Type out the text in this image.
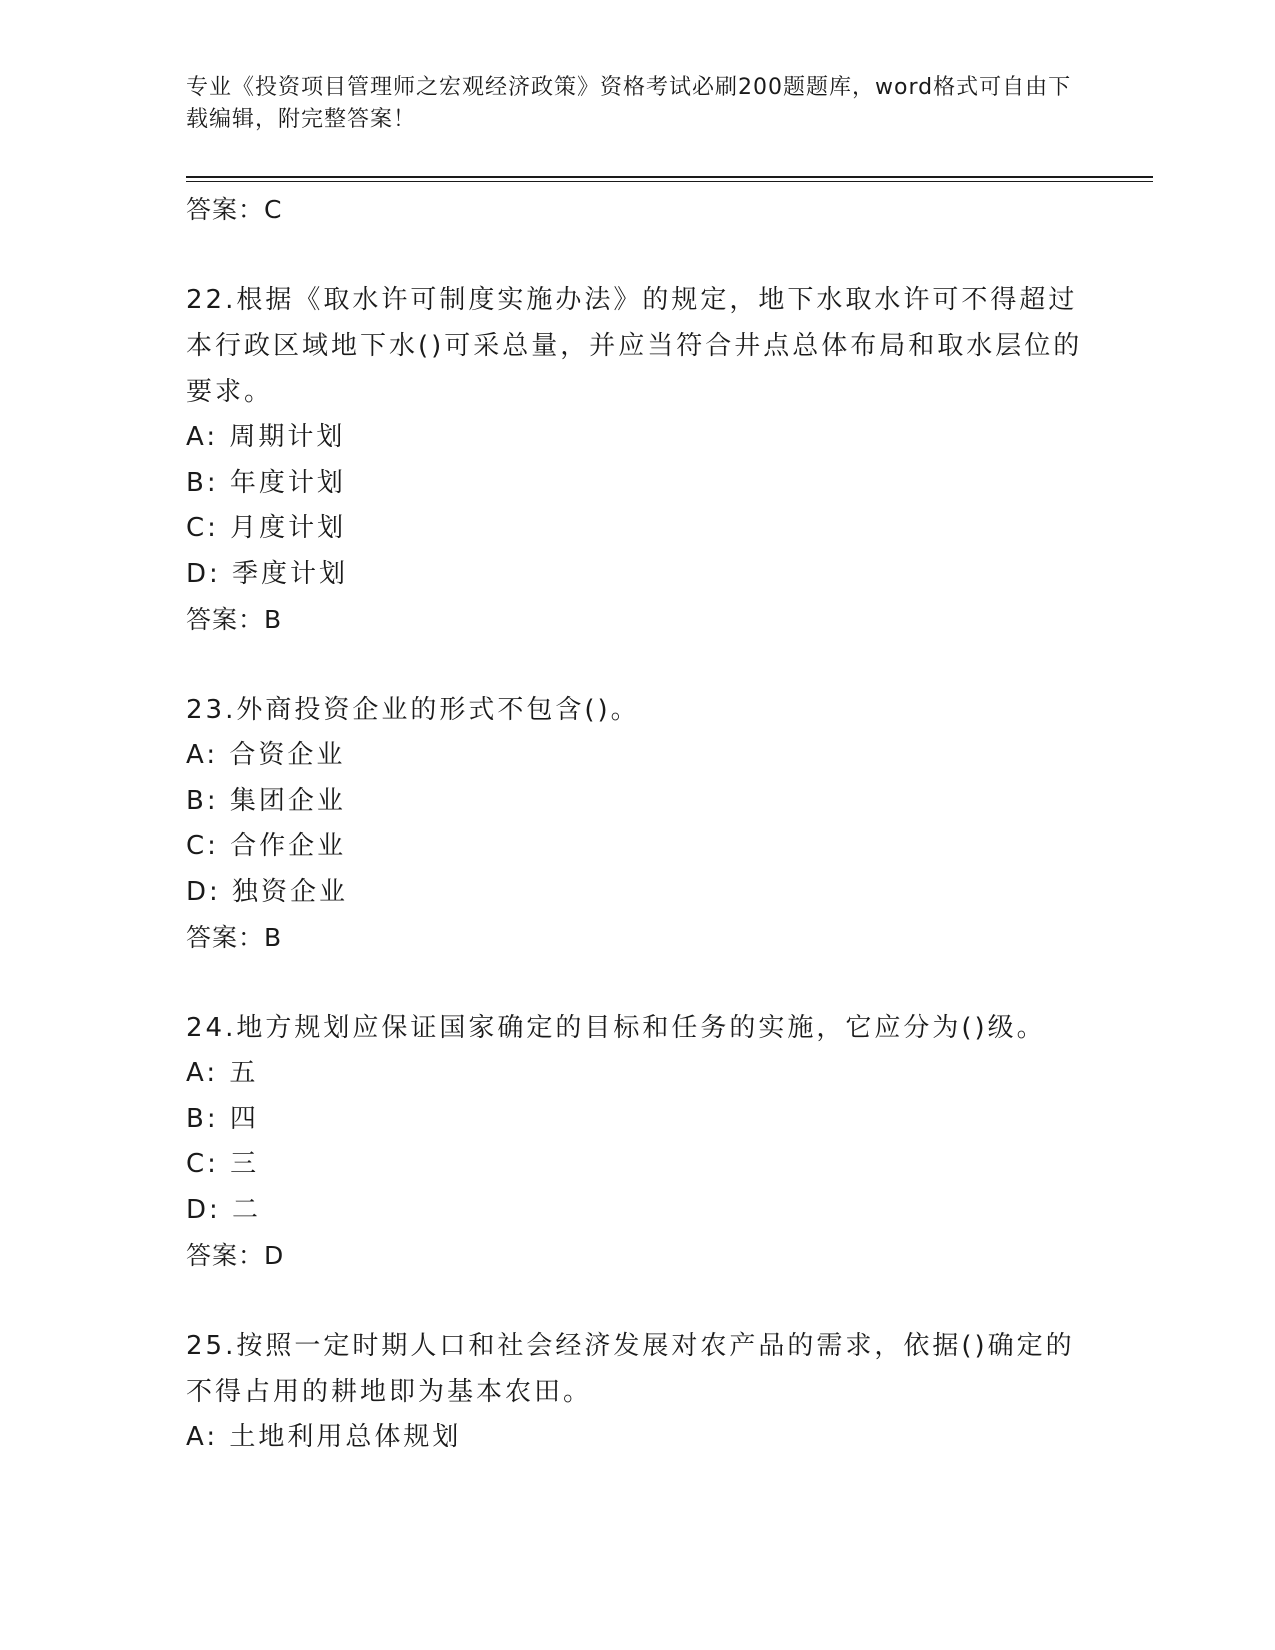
专业《投资项目管理师之宏观经济政策》资格考试必刷200题题库，word格式可自由下载编辑，附完整答案！
答案：C
22.根据《取水许可制度实施办法》的规定，地下水取水许可不得超过本行政区域地下水()可采总量，并应当符合井点总体布局和取水层位的要求。
A: 周期计划
B: 年度计划
C: 月度计划
D: 季度计划
答案：B
23.外商投资企业的形式不包含()。
A: 合资企业
B: 集团企业
C: 合作企业
D: 独资企业
答案：B
24.地方规划应保证国家确定的目标和任务的实施，它应分为()级。
A: 五
B: 四
C: 三
D: 二
答案：D
25.按照一定时期人口和社会经济发展对农产品的需求，依据()确定的不得占用的耕地即为基本农田。
A: 土地利用总体规划
